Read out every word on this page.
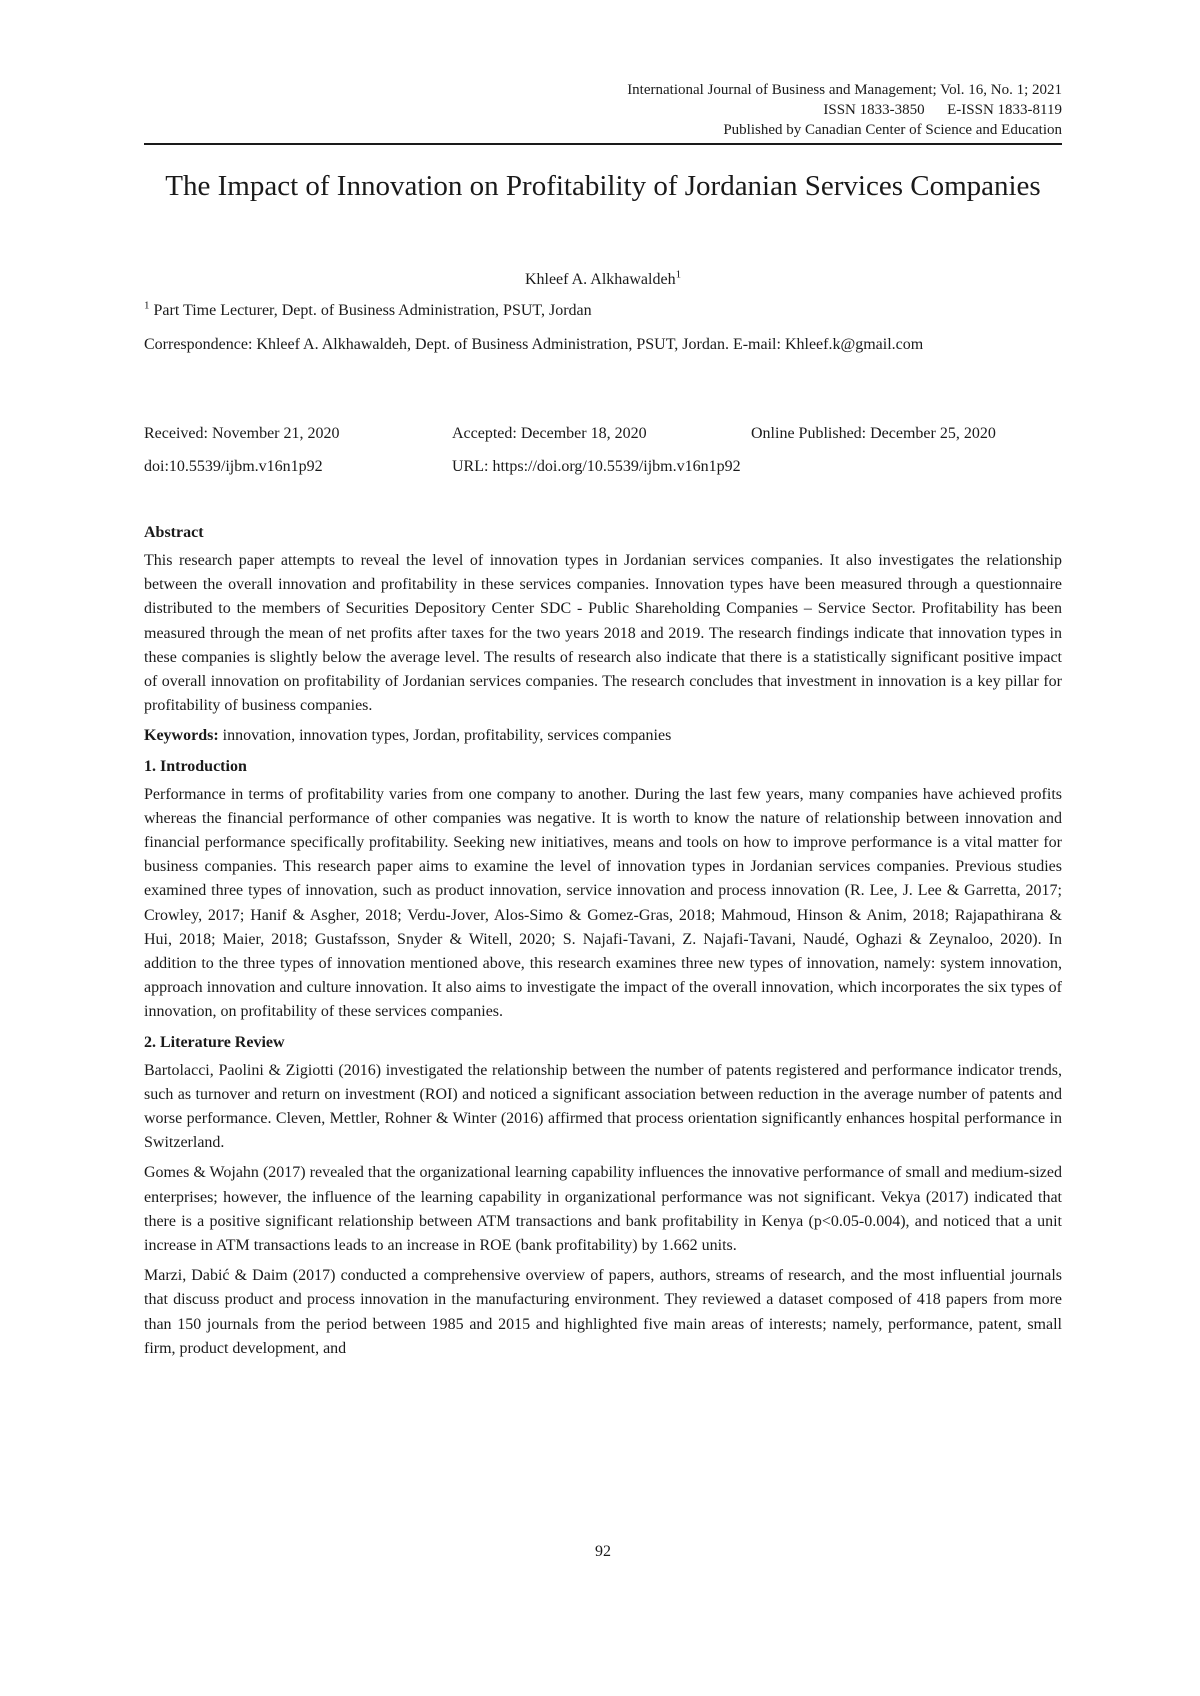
International Journal of Business and Management; Vol. 16, No. 1; 2021
ISSN 1833-3850      E-ISSN 1833-8119
Published by Canadian Center of Science and Education
The Impact of Innovation on Profitability of Jordanian Services Companies
Khleef A. Alkhawaldeh$^1$
$^1$ Part Time Lecturer, Dept. of Business Administration, PSUT, Jordan
Correspondence: Khleef A. Alkhawaldeh, Dept. of Business Administration, PSUT, Jordan. E-mail: Khleef.k@gmail.com
Received: November 21, 2020	Accepted: December 18, 2020	Online Published: December 25, 2020
doi:10.5539/ijbm.v16n1p92	URL: https://doi.org/10.5539/ijbm.v16n1p92
Abstract

This research paper attempts to reveal the level of innovation types in Jordanian services companies. It also investigates the relationship between the overall innovation and profitability in these services companies. Innovation types have been measured through a questionnaire distributed to the members of Securities Depository Center SDC - Public Shareholding Companies – Service Sector. Profitability has been measured through the mean of net profits after taxes for the two years 2018 and 2019. The research findings indicate that innovation types in these companies is slightly below the average level. The results of research also indicate that there is a statistically significant positive impact of overall innovation on profitability of Jordanian services companies. The research concludes that investment in innovation is a key pillar for profitability of business companies.

Keywords: innovation, innovation types, Jordan, profitability, services companies
1. Introduction

Performance in terms of profitability varies from one company to another. During the last few years, many companies have achieved profits whereas the financial performance of other companies was negative. It is worth to know the nature of relationship between innovation and financial performance specifically profitability. Seeking new initiatives, means and tools on how to improve performance is a vital matter for business companies. This research paper aims to examine the level of innovation types in Jordanian services companies. Previous studies examined three types of innovation, such as product innovation, service innovation and process innovation (R. Lee, J. Lee & Garretta, 2017; Crowley, 2017; Hanif & Asgher, 2018; Verdu-Jover, Alos-Simo & Gomez-Gras, 2018; Mahmoud, Hinson & Anim, 2018; Rajapathirana & Hui, 2018; Maier, 2018; Gustafsson, Snyder & Witell, 2020; S. Najafi-Tavani, Z. Najafi-Tavani, Naudé, Oghazi & Zeynaloo, 2020). In addition to the three types of innovation mentioned above, this research examines three new types of innovation, namely: system innovation, approach innovation and culture innovation. It also aims to investigate the impact of the overall innovation, which incorporates the six types of innovation, on profitability of these services companies.

2. Literature Review

Bartolacci, Paolini & Zigiotti (2016) investigated the relationship between the number of patents registered and performance indicator trends, such as turnover and return on investment (ROI) and noticed a significant association between reduction in the average number of patents and worse performance. Cleven, Mettler, Rohner & Winter (2016) affirmed that process orientation significantly enhances hospital performance in Switzerland.

Gomes & Wojahn (2017) revealed that the organizational learning capability influences the innovative performance of small and medium-sized enterprises; however, the influence of the learning capability in organizational performance was not significant. Vekya (2017) indicated that there is a positive significant relationship between ATM transactions and bank profitability in Kenya (p<0.05-0.004), and noticed that a unit increase in ATM transactions leads to an increase in ROE (bank profitability) by 1.662 units.

Marzi, Dabić & Daim (2017) conducted a comprehensive overview of papers, authors, streams of research, and the most influential journals that discuss product and process innovation in the manufacturing environment. They reviewed a dataset composed of 418 papers from more than 150 journals from the period between 1985 and 2015 and highlighted five main areas of interests; namely, performance, patent, small firm, product development, and

92
